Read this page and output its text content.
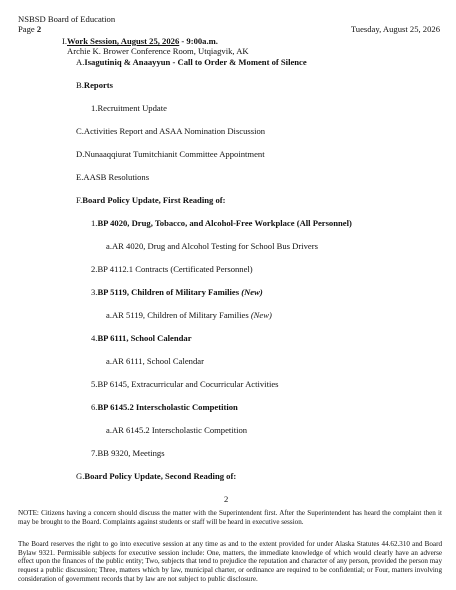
NSBSD Board of Education
Page 2	Tuesday, August 25, 2026
I.Work Session, August 25, 2026 - 9:00a.m.
Archie K. Brower Conference Room, Utqiagvik, AK
A.Isagutiniq & Anaayyun - Call to Order & Moment of Silence
B.Reports
1.Recruitment Update
C.Activities Report and ASAA Nomination Discussion
D.Nunaaqqiurat Tumitchianit Committee Appointment
E.AASB Resolutions
F.Board Policy Update, First Reading of:
1.BP 4020, Drug, Tobacco, and Alcohol-Free Workplace (All Personnel)
a.AR 4020, Drug and Alcohol Testing for School Bus Drivers
2.BP 4112.1 Contracts (Certificated Personnel)
3.BP 5119, Children of Military Families (New)
a.AR 5119, Children of Military Families (New)
4.BP 6111, School Calendar
a.AR 6111, School Calendar
5.BP 6145, Extracurricular and Cocurricular Activities
6.BP 6145.2 Interscholastic Competition
a.AR 6145.2 Interscholastic Competition
7.BB 9320, Meetings
G.Board Policy Update, Second Reading of:
2
NOTE: Citizens having a concern should discuss the matter with the Superintendent first. After the Superintendent has heard the complaint then it may be brought to the Board. Complaints against students or staff will be heard in executive session.
The Board reserves the right to go into executive session at any time as and to the extent provided for under Alaska Statutes 44.62.310 and Board Bylaw 9321. Permissible subjects for executive session include: One, matters, the immediate knowledge of which would clearly have an adverse effect upon the finances of the public entity; Two, subjects that tend to prejudice the reputation and character of any person, provided the person may request a public discussion; Three, matters which by law, municipal charter, or ordinance are required to be confidential; or Four, matters involving consideration of government records that by law are not subject to public disclosure.
